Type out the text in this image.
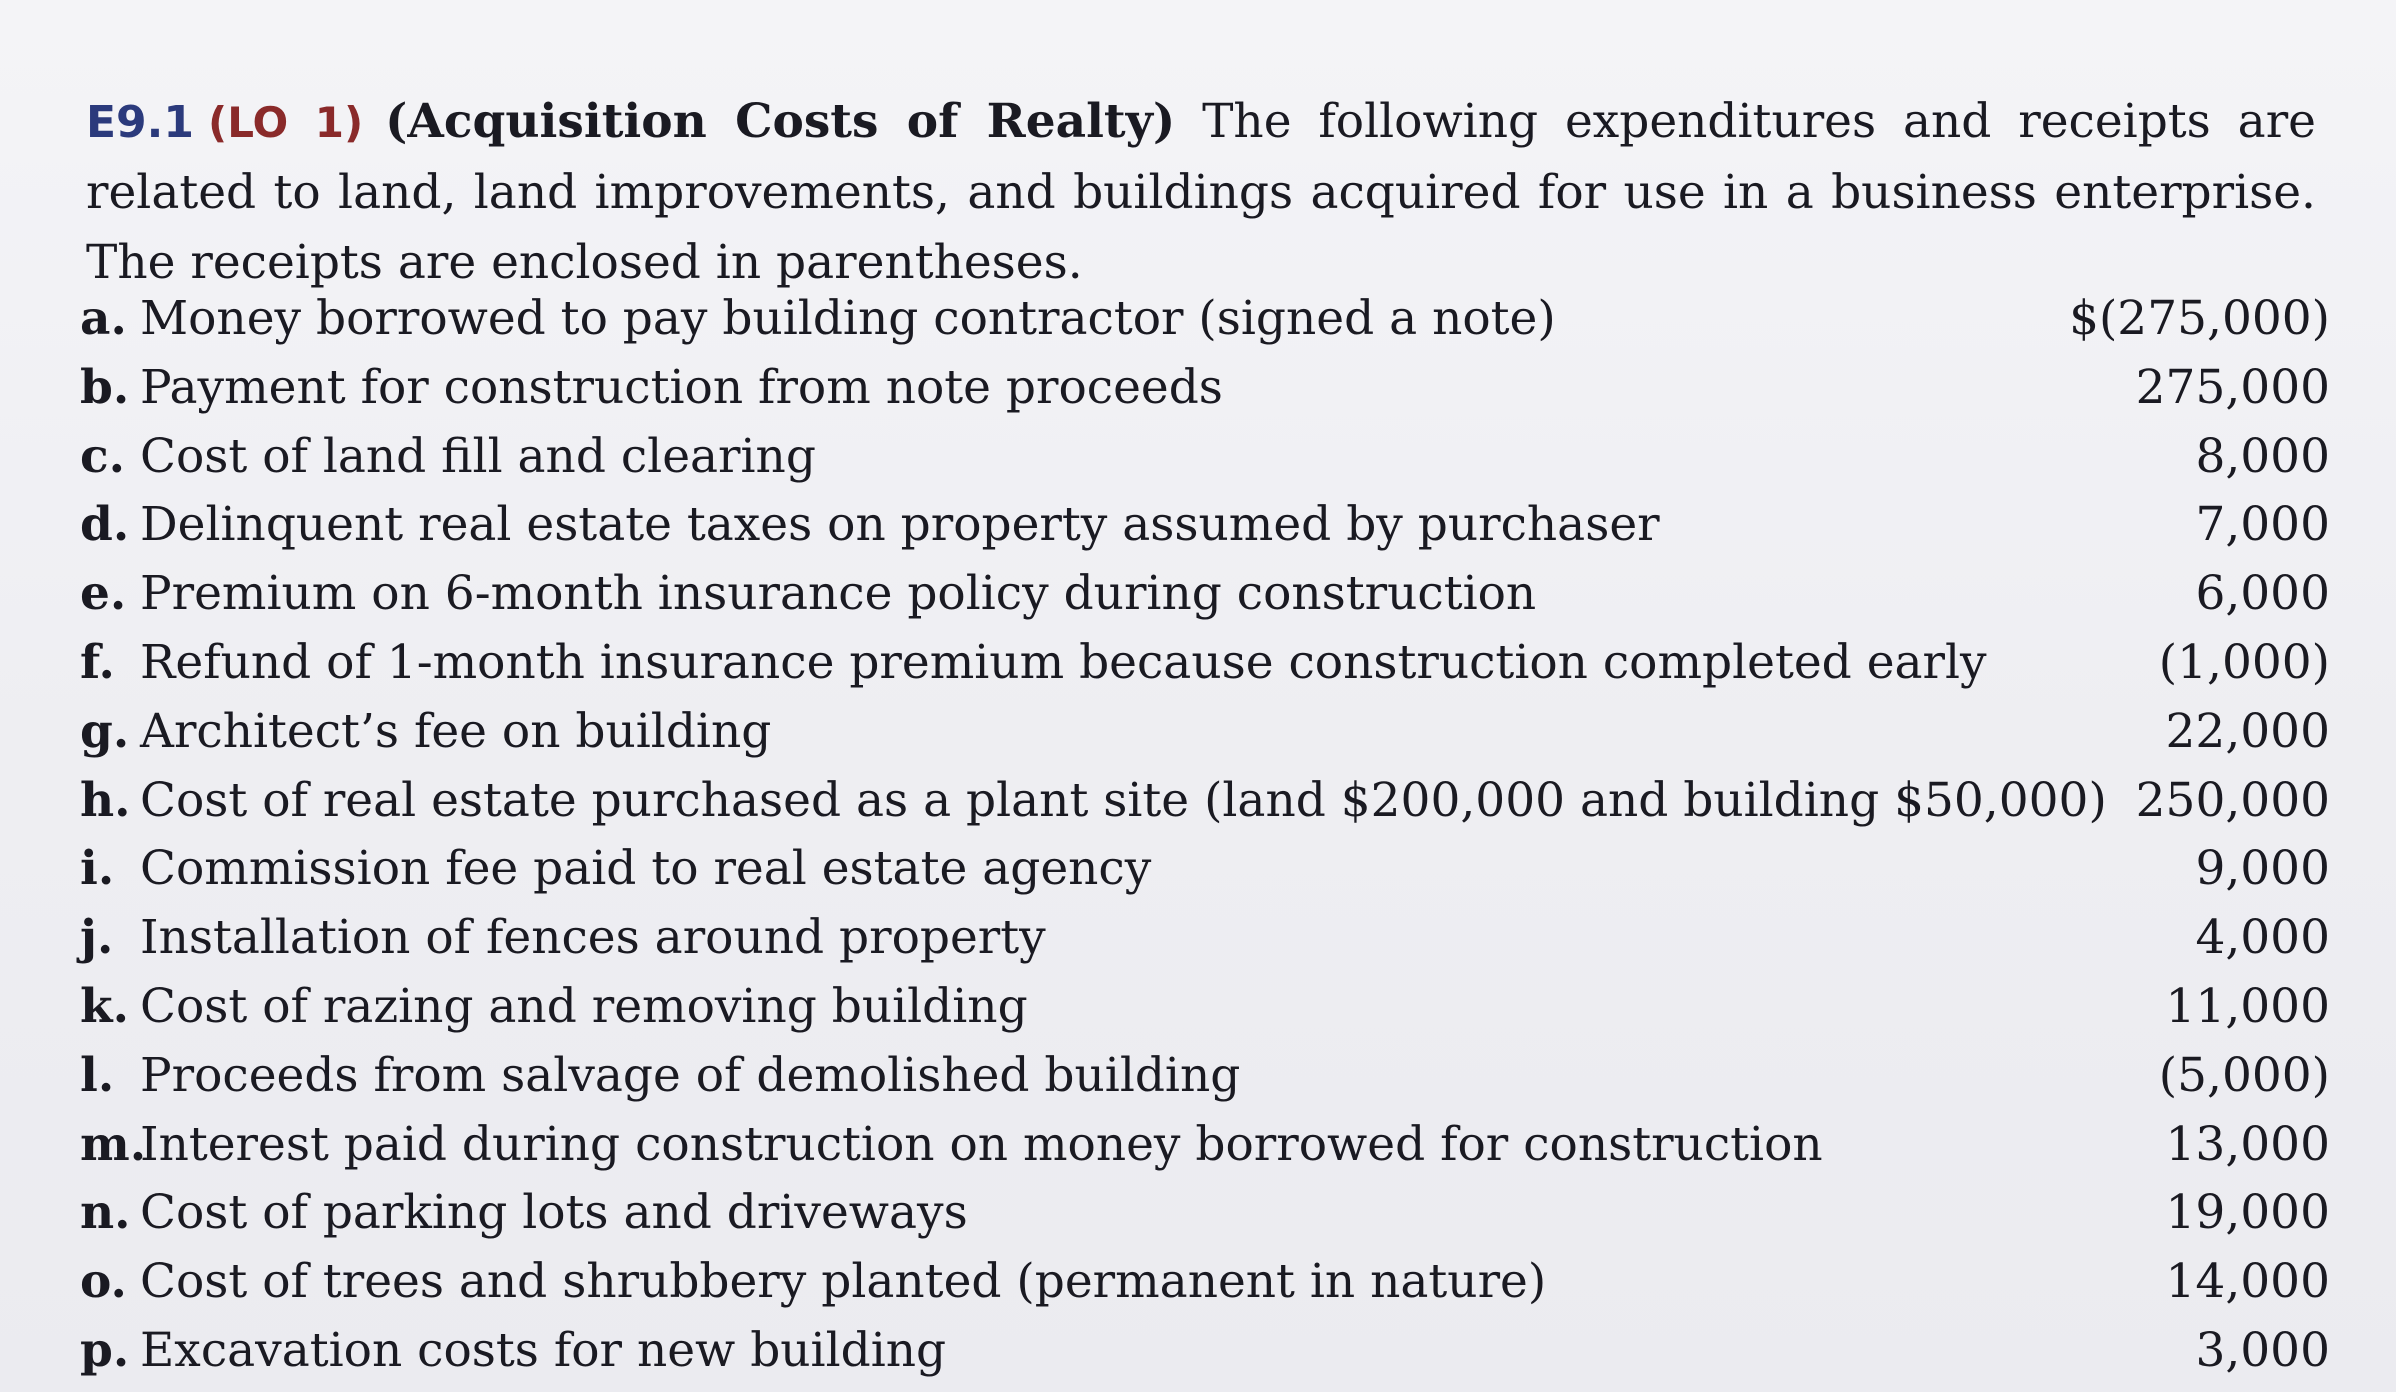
E9.1 (LO 1) (Acquisition Costs of Realty) The following expenditures and receipts are related to land, land improvements, and buildings acquired for use in a business enterprise. The receipts are enclosed in parentheses.

a. Money borrowed to pay building contractor (signed a note)	$(275,000)
b. Payment for construction from note proceeds	275,000
c. Cost of land fill and clearing	8,000
d. Delinquent real estate taxes on property assumed by purchaser	7,000
e. Premium on 6-month insurance policy during construction	6,000
f. Refund of 1-month insurance premium because construction completed early	(1,000)
g. Architect’s fee on building	22,000
h. Cost of real estate purchased as a plant site (land $200,000 and building $50,000) 250,000
i. Commission fee paid to real estate agency	9,000
j. Installation of fences around property	4,000
k. Cost of razing and removing building	11,000
l. Proceeds from salvage of demolished building	(5,000)
m.Interest paid during construction on money borrowed for construction	13,000
n. Cost of parking lots and driveways	19,000
o. Cost of trees and shrubbery planted (permanent in nature)	14,000
p. Excavation costs for new building	3,000
